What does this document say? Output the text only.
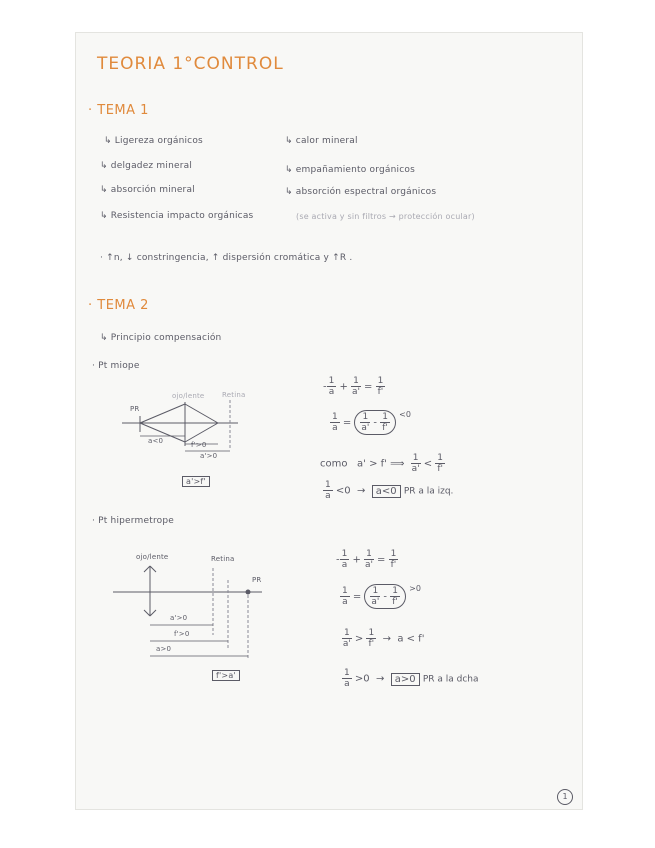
TEORIA 1°CONTROL
· TEMA 1
↳ Ligereza orgánicos
↳ delgadez mineral
↳ absorción mineral
↳ calor mineral
↳ empañamiento orgánicos
↳ absorción espectral orgánicos
↳ Resistencia impacto orgánicas	(se activa y sin filtros → protección ocular)
· ↑n, ↓ constringencia, ↑ dispersión cromática y ↑R .
· TEMA 2
↳ Principio compensación
· Pt miope
ojo/lente	Retina
PR
a<0	f'>0
a'>0
a'>f'
- $\frac{1}{a} + \frac{1}{a'} = \frac{1}{f'}$
$\frac{1}{a} = \frac{1}{a'} - \frac{1}{f'} ^{<0}$
como a' > f' ⟹ $\frac{1}{a'} < \frac{1}{f'}$
$\frac{1}{a} <0 \to a<0$ PR a la izq.
· Pt hipermetrope
ojo/lente	Retina
PR
a'>0
f'>0
a>0
f'>a'
- $\frac{1}{a} + \frac{1}{a'} = \frac{1}{f'}$
$\frac{1}{a} = \frac{1}{a'} - \frac{1}{f'} ^{>0}$
$\frac{1}{a'} > \frac{1}{f'} \to a < f'$
$\frac{1}{a} >0 \to a>0$ PR a la dcha
1
